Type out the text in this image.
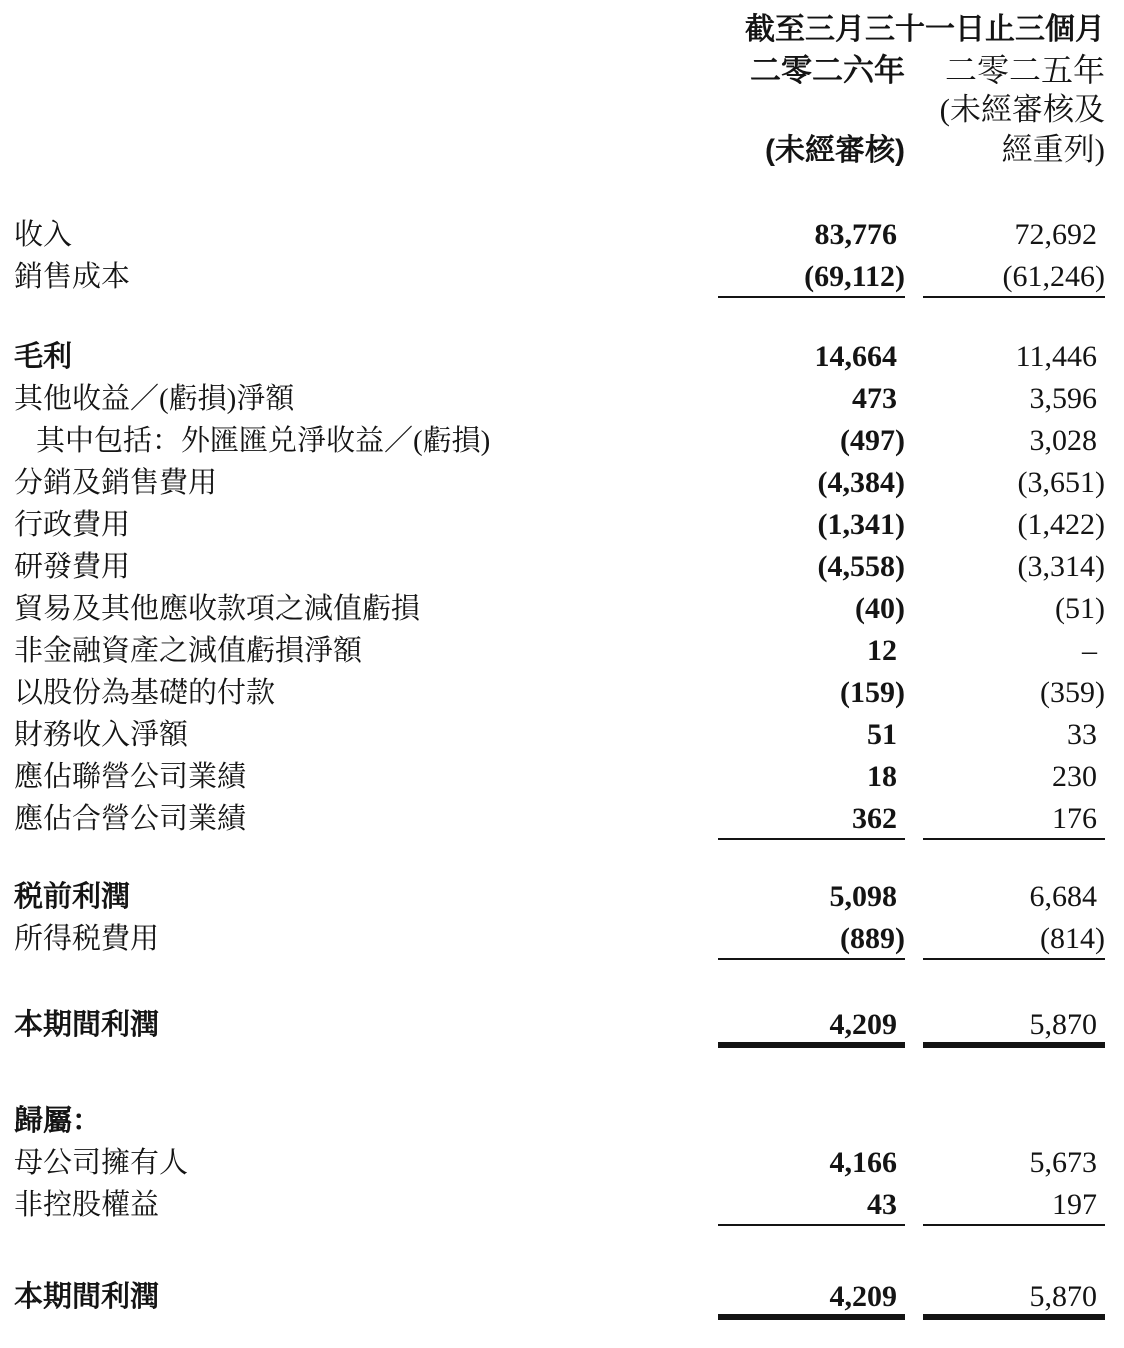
截至三月三十一日止三個月
二零二六年	二零二五年
(未經審核及
(未經審核)	經重列)
收入	83,776	72,692
銷售成本	(69,112)	(61,246)
毛利	14,664	11,446
其他收益／(虧損)淨額	473	3,596
其中包括：外匯匯兑淨收益／(虧損)	(497)	3,028
分銷及銷售費用	(4,384)	(3,651)
行政費用	(1,341)	(1,422)
研發費用	(4,558)	(3,314)
貿易及其他應收款項之減值虧損	(40)	(51)
非金融資產之減值虧損淨額	12	–
以股份為基礎的付款	(159)	(359)
財務收入淨額	51	33
應佔聯營公司業績	18	230
應佔合營公司業績	362	176
税前利潤	5,098	6,684
所得税費用	(889)	(814)
本期間利潤	4,209	5,870
歸屬：
母公司擁有人	4,166	5,673
非控股權益	43	197
本期間利潤	4,209	5,870
